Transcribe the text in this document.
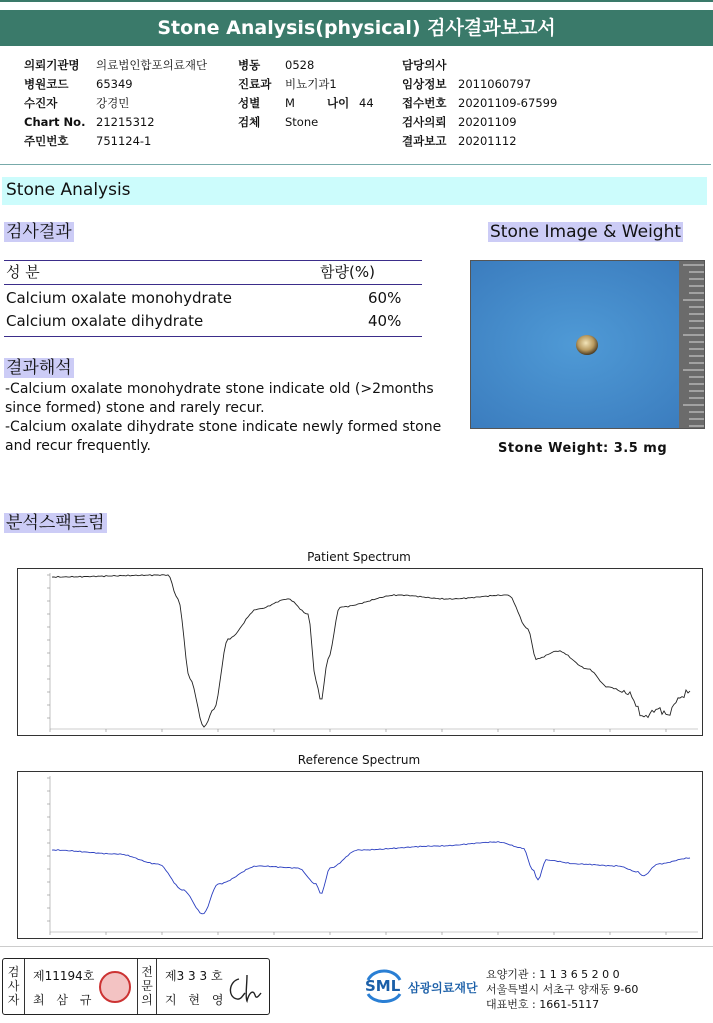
Stone Analysis(physical) 검사결과보고서
의뢰기관명 의료법인합포의료재단
병원코드 65349
수진자	강경민
Chart No. 21215312
주민번호 751124-1
병동 0528
진료과 비뇨기과1
성별 M	나이 44
검체 Stone
담당의사
임상정보 2011060797
접수번호 20201109-67599
검사의뢰 20201109
결과보고 20201112
Stone Analysis
검사결과	Stone Image & Weight
성 분	함량(%)
Calcium oxalate monohydrate	60%
Calcium oxalate dihydrate	40%
결과해석
-Calcium oxalate monohydrate stone indicate old (>2months since formed) stone and rarely recur.
-Calcium oxalate dihydrate stone indicate newly formed stone and recur frequently.	Stone Weight: 3.5 mg
분석스팩트럼
Patient Spectrum
Reference Spectrum
검사자
제11194호
최 삼 규
전문의
제3 3 3 호
지 현 영
SML 삼광의료재단
요양기관 : 1 1 3 6 5 2 0 0
서울특별시 서초구 양재동 9-60
대표번호 : 1661-5117
